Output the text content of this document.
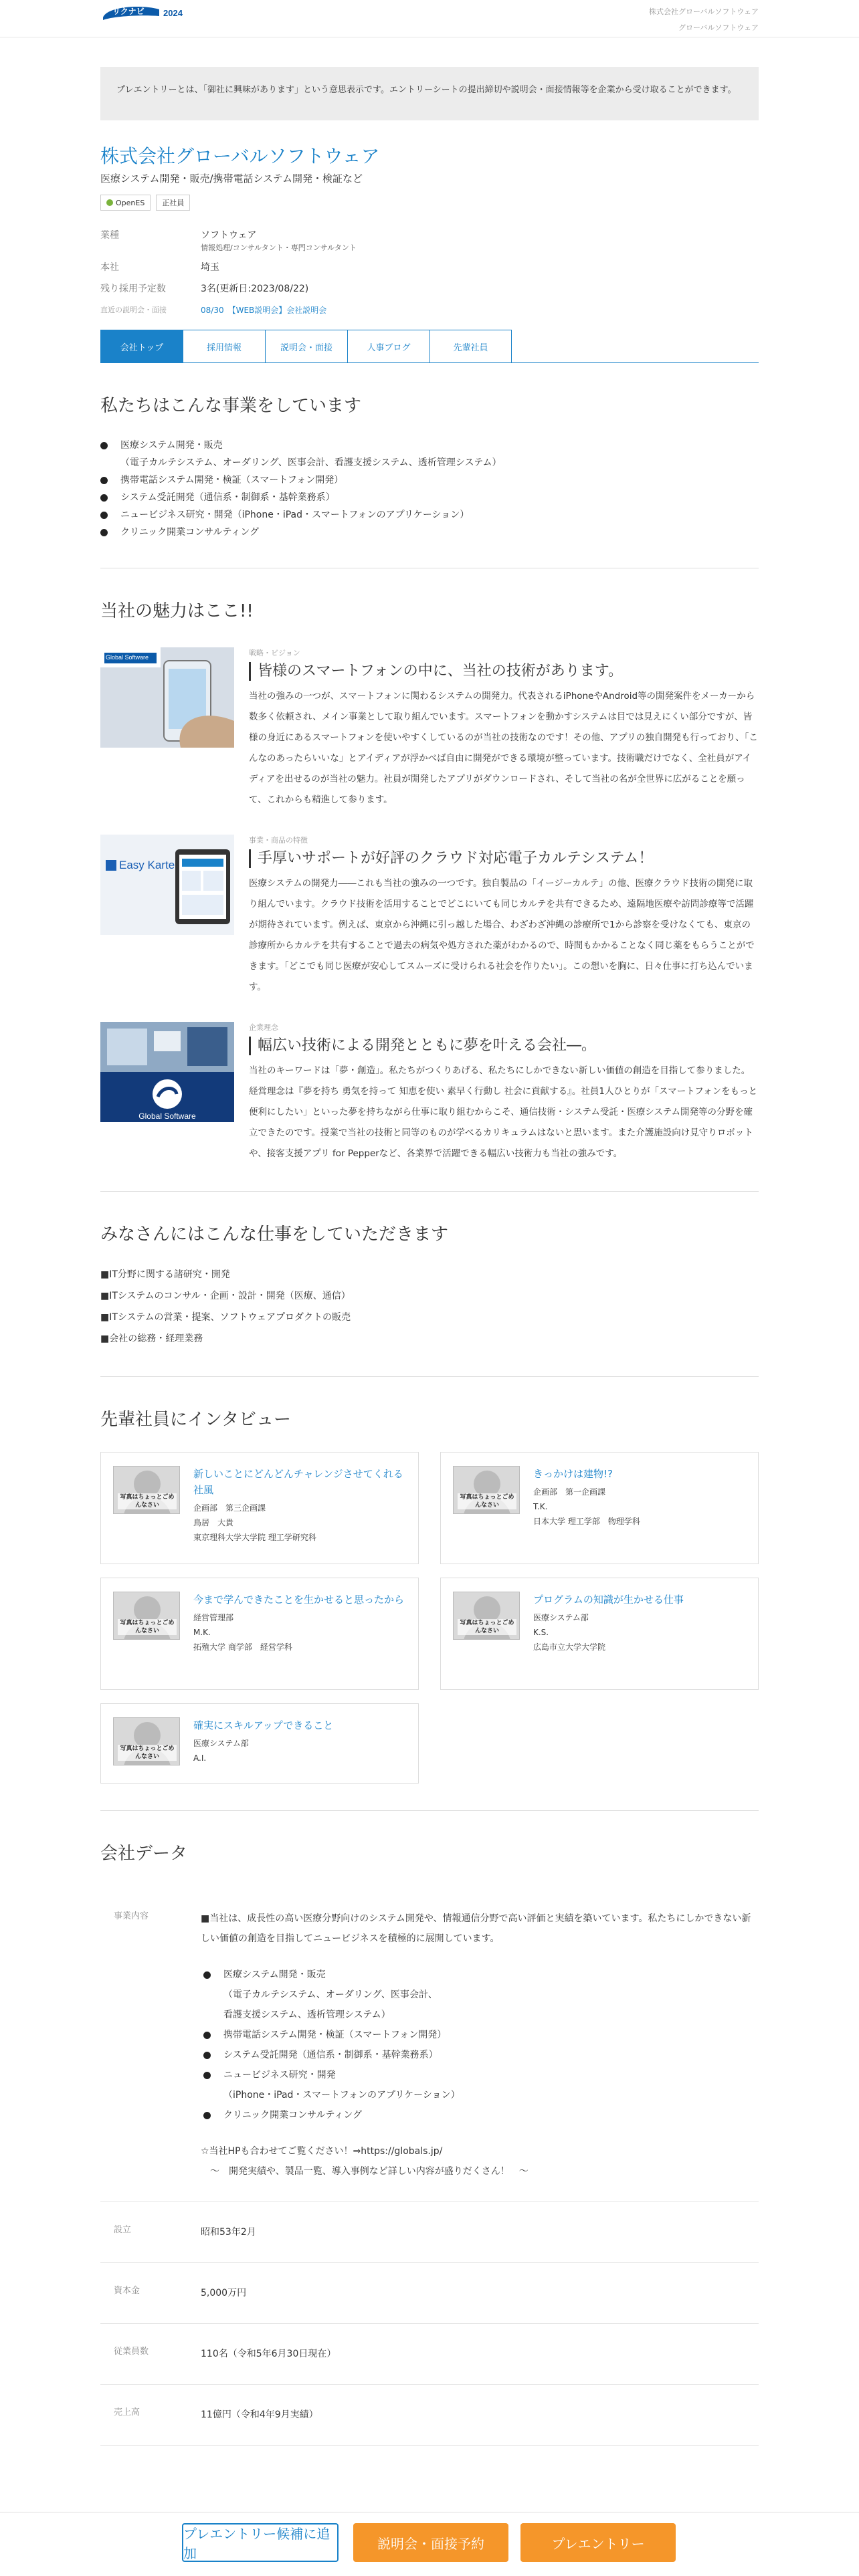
2024
リクナビ	株式会社グローバルソフトウェア
グローバルソフトウェア
プレエントリーとは、「御社に興味があります」という意思表示です。エントリーシートの提出締切や説明会・面接情報等を企業から受け取ることができます。
株式会社グローバルソフトウェア
医療システム開発・販売/携帯電話システム開発・検証など
OpenES	正社員
業種	ソフトウェア
情報処理/コンサルタント・専門コンサルタント
本社	埼玉
残り採用予定数	3名(更新日:2023/08/22)
直近の説明会・面接	08/30　【WEB説明会】会社説明会
会社トップ	採用情報	説明会・面接	人事ブログ	先輩社員
私たちはこんな事業をしています
医療システム開発・販売
（電子カルテシステム、オーダリング、医事会計、看護支援システム、透析管理システム）
携帯電話システム開発・検証（スマートフォン開発）
システム受託開発（通信系・制御系・基幹業務系）
ニュービジネス研究・開発（iPhone・iPad・スマートフォンのアプリケーション）
クリニック開業コンサルティング
当社の魅力はここ!!
Global Software	戦略・ビジョン
皆様のスマートフォンの中に、当社の技術があります。

当社の強みの一つが、スマートフォンに関わるシステムの開発力。代表されるiPhoneやAndroid等の開発案件をメーカーから数多く依頼され、メイン事業として取り組んでいます。スマートフォンを動かすシステムは目では見えにくい部分ですが、皆様の身近にあるスマートフォンを使いやすくしているのが当社の技術なのです！その他、アプリの独自開発も行っており、「こんなのあったらいいな」とアイディアが浮かべば自由に開発ができる環境が整っています。技術職だけでなく、全社員がアイディアを出せるのが当社の魅力。社員が開発したアプリがダウンロードされ、そして当社の名が全世界に広がることを願って、これからも精進して参ります。

Easy Karte
事業・商品の特徴
手厚いサポートが好評のクラウド対応電子カルテシステム！

医療システムの開発力――これも当社の強みの一つです。独自製品の「イージーカルテ」の他、医療クラウド技術の開発に取り組んでいます。クラウド技術を活用することでどこにいても同じカルテを共有できるため、遠隔地医療や訪問診療等で活躍が期待されています。例えば、東京から沖縄に引っ越した場合、わざわざ沖縄の診療所で1から診察を受けなくても、東京の診療所からカルテを共有することで過去の病気や処方された薬がわかるので、時間もかかることなく同じ薬をもらうことができます。「どこでも同じ医療が安心してスムーズに受けられる社会を作りたい」。この想いを胸に、日々仕事に打ち込んでいます。

Global Software
企業理念
幅広い技術による開発とともに夢を叶える会社―。

当社のキーワードは「夢・創造」。私たちがつくりあげる、私たちにしかできない新しい価値の創造を目指して参りました。経営理念は『夢を持ち 勇気を持って 知恵を使い 素早く行動し 社会に貢献する』。社員1人ひとりが「スマートフォンをもっと便利にしたい」といった夢を持ちながら仕事に取り組むからこそ、通信技術・システム受託・医療システム開発等の分野を確立できたのです。授業で当社の技術と同等のものが学べるカリキュラムはないと思います。また介護施設向け見守りロボットや、接客支援アプリ for Pepperなど、各業界で活躍できる幅広い技術力も当社の強みです。

みなさんにはこんな仕事をしていただきます
■IT分野に関する諸研究・開発
■ITシステムのコンサル・企画・設計・開発（医療、通信）
■ITシステムの営業・提案、ソフトウェアプロダクトの販売
■会社の総務・経理業務
先輩社員にインタビュー
写真はちょっとごめんなさい
新しいことにどんどんチャレンジさせてくれる社風
企画部　第三企画課
鳥居　大貴
東京理科大学大学院 理工学研究科
写真はちょっとごめんなさい
きっかけは建物!?
企画部　第一企画課
T.K.
日本大学 理工学部　物理学科
写真はちょっとごめんなさい
今まで学んできたことを生かせると思ったから
経営管理部
M.K.
拓殖大学 商学部　経営学科
写真はちょっとごめんなさい
プログラムの知識が生かせる仕事
医療システム部
K.S.
広島市立大学大学院
写真はちょっとごめんなさい
確実にスキルアップできること
医療システム部
A.I.
会社データ
事業内容	■当社は、成長性の高い医療分野向けのシステム開発や、情報通信分野で高い評価と実績を築いています。私たちにしかできない新しい価値の創造を目指してニュービジネスを積極的に展開しています。
医療システム開発・販売
（電子カルテシステム、オーダリング、医事会計、
看護支援システム、透析管理システム）
携帯電話システム開発・検証（スマートフォン開発）
システム受託開発（通信系・制御系・基幹業務系）
ニュービジネス研究・開発
（iPhone・iPad・スマートフォンのアプリケーション）
クリニック開業コンサルティング
☆当社HPも合わせてご覧ください！⇒https://globals.jp/
　～　開発実績や、製品一覧、導入事例など詳しい内容が盛りだくさん！　～
設立	昭和53年2月
資本金	5,000万円
従業員数	110名（令和5年6月30日現在）
売上高	11億円（令和4年9月実績）
プレエントリー候補に追加
説明会・面接予約	プレエントリー
